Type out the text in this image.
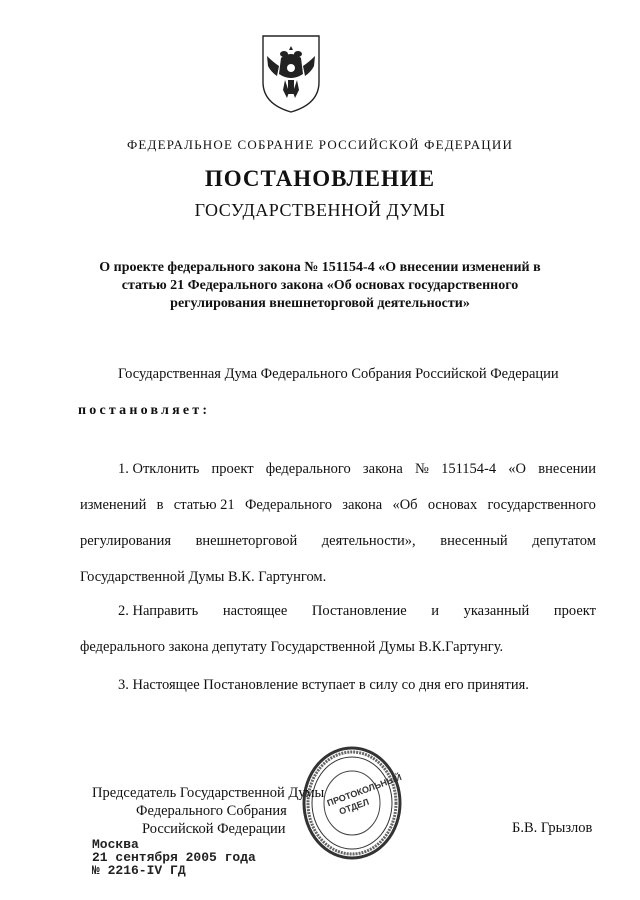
ФЕДЕРАЛЬНОЕ СОБРАНИЕ РОССИЙСКОЙ ФЕДЕРАЦИИ
ПОСТАНОВЛЕНИЕ
ГОСУДАРСТВЕННОЙ ДУМЫ
О проекте федерального закона № 151154-4 «О внесении изменений в
статью 21 Федерального закона «Об основах государственного
регулирования внешнеторговой деятельности»
Государственная Дума Федерального Собрания Российской Федерации
постановляет:
1. Отклонить проект федерального закона № 151154-4 «О внесении
изменений в статью 21 Федерального закона «Об основах государственного
регулирования внешнеторговой деятельности», внесенный депутатом
Государственной Думы В.К. Гартунгом.
2. Направить настоящее Постановление и указанный проект
федерального закона депутату Государственной Думы В.К.Гартунгу.
3. Настоящее Постановление вступает в силу со дня его принятия.
ПРОТОКОЛЬНЫЙ ОТДЕЛ
Председатель Государственной Думы
Федерального Собрания
Российской Федерации	Б.В. Грызлов
Москва
21 сентября 2005 года
№ 2216-IV ГД
